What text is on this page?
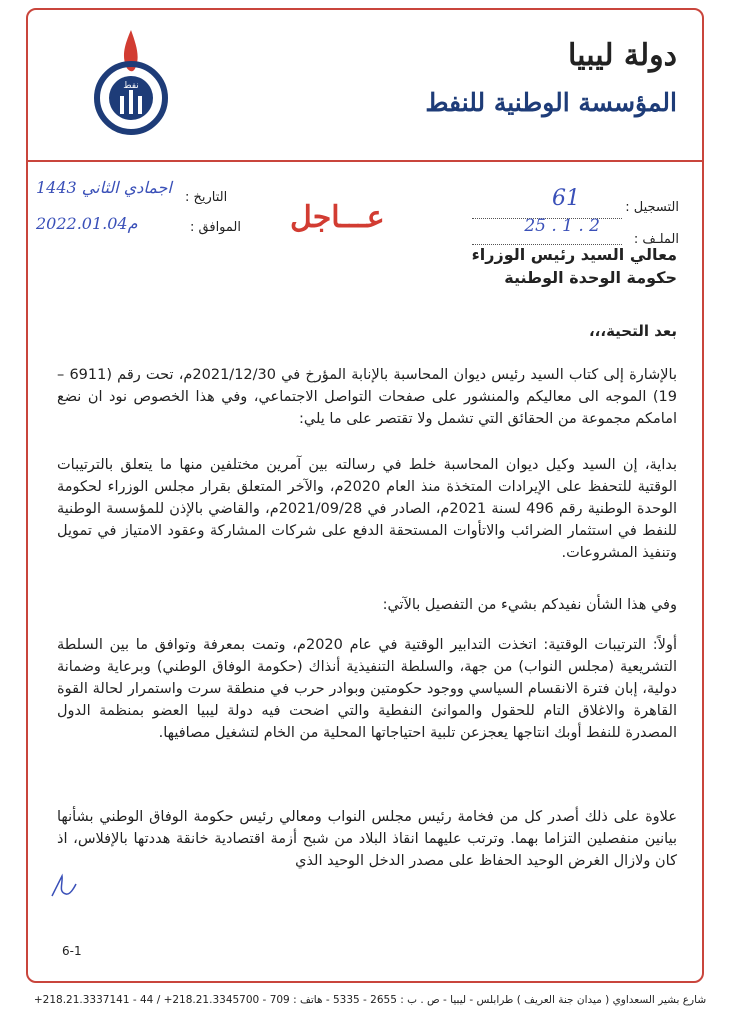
نفط
دولة ليبيا
المؤسسة الوطنية للنفط
التسجيل :
61
الملـف :
25 . 1 . 2
التاريخ :
اجمادي الثاني 1443
الموافق :
2022.01.04م	عـــاجل
معالي السيد رئيس الوزراء
حكومة الوحدة الوطنية
بعد التحية،،،
بالإشارة إلى كتاب السيد رئيس ديوان المحاسبة بالإنابة المؤرخ في 2021/12/30م، تحت رقم (6911 – 19) الموجه الى معاليكم والمنشور على صفحات التواصل الاجتماعي، وفي هذا الخصوص نود ان نضع امامكم مجموعة من الحقائق التي تشمل ولا تقتصر على ما يلي:
بداية، إن السيد وكيل ديوان المحاسبة خلط في رسالته بين آمرين مختلفين منها ما يتعلق بالترتيبات الوقتية للتحفظ على الإيرادات المتخذة منذ العام 2020م، والآخر المتعلق بقرار مجلس الوزراء لحكومة الوحدة الوطنية رقم 496 لسنة 2021م، الصادر في 2021/09/28م، والقاضي بالإذن للمؤسسة الوطنية للنفط في استثمار الضرائب والاتأوات المستحقة الدفع على شركات المشاركة وعقود الامتياز في تمويل وتنفيذ المشروعات.
وفي هذا الشأن نفيدكم بشيء من التفصيل بالآتي:
أولاً: الترتيبات الوقتية: اتخذت التدابير الوقتية في عام 2020م، وتمت بمعرفة وتوافق ما بين السلطة التشريعية (مجلس النواب) من جهة، والسلطة التنفيذية أنذاك (حكومة الوفاق الوطني) وبرعاية وضمانة دولية، إبان فترة الانقسام السياسي ووجود حكومتين وبوادر حرب في منطقة سرت واستمرار لحالة القوة القاهرة والاغلاق التام للحقول والموانئ النفطية والتي اضحت فيه دولة ليبيا العضو بمنظمة الدول المصدرة للنفط أوبك انتاجها يعجزعن تلبية احتياجاتها المحلية من الخام لتشغيل مصافيها.
علاوة على ذلك أصدر كل من فخامة رئيس مجلس النواب ومعالي رئيس حكومة الوفاق الوطني بشأنها بيانين منفصلين التزاما بهما. وترتب عليهما انقاذ البلاد من شبح أزمة اقتصادية خانقة هددتها بالإفلاس، اذ كان ولازال الغرض الوحيد الحفاظ على مصدر الدخل الوحيد الذي
6-1
شارع بشير السعداوي ( ميدان جنة العريف ) طرابلس - ليبيا - ص . ب : 2655 - 5335 - هاتف : 709 - 218.21.3345700+ / 44 - 218.21.3337141+
